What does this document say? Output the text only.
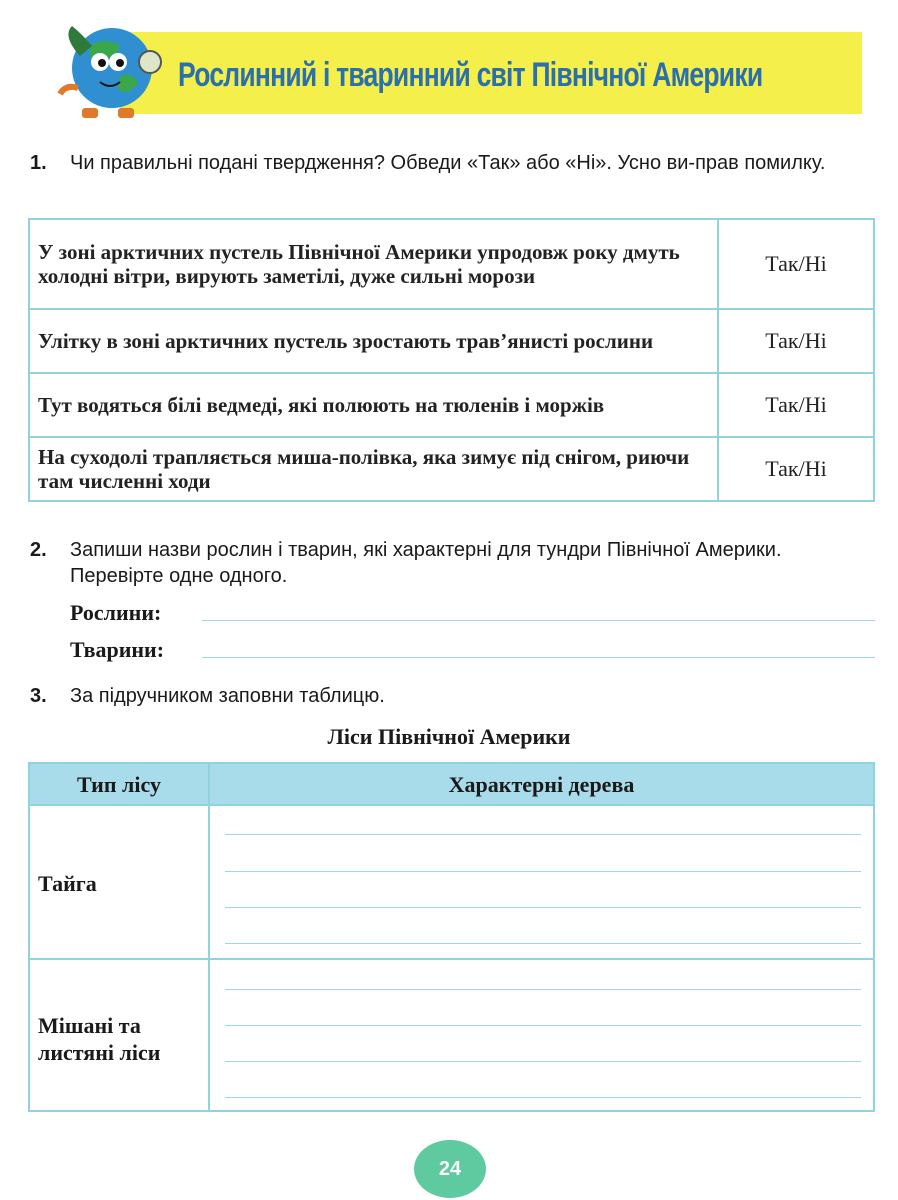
Рослинний і тваринний світ Північної Америки
1. Чи правильні подані твердження? Обведи «Так» або «Ні». Усно ви-прав помилку.
У зоні арктичних пустель Північної Америки упродовж року дмуть холодні вітри, вирують заметілі, дуже сильні морози	Так/Ні
Улітку в зоні арктичних пустель зростають трав’янисті рослини	Так/Ні
Тут водяться білі ведмеді, які полюють на тюленів і моржів	Так/Ні
На суходолі трапляється миша-полівка, яка зимує під снігом, риючи там численні ходи	Так/Ні
2. Запиши назви рослин і тварин, які характерні для тундри Північної Америки. Перевірте одне одного.
Рослини:
Тварини:
3. За підручником заповни таблицю.
Ліси Північної Америки
Тип лісу	Характерні дерева
Тайга
Мішані та
листяні ліси
24
